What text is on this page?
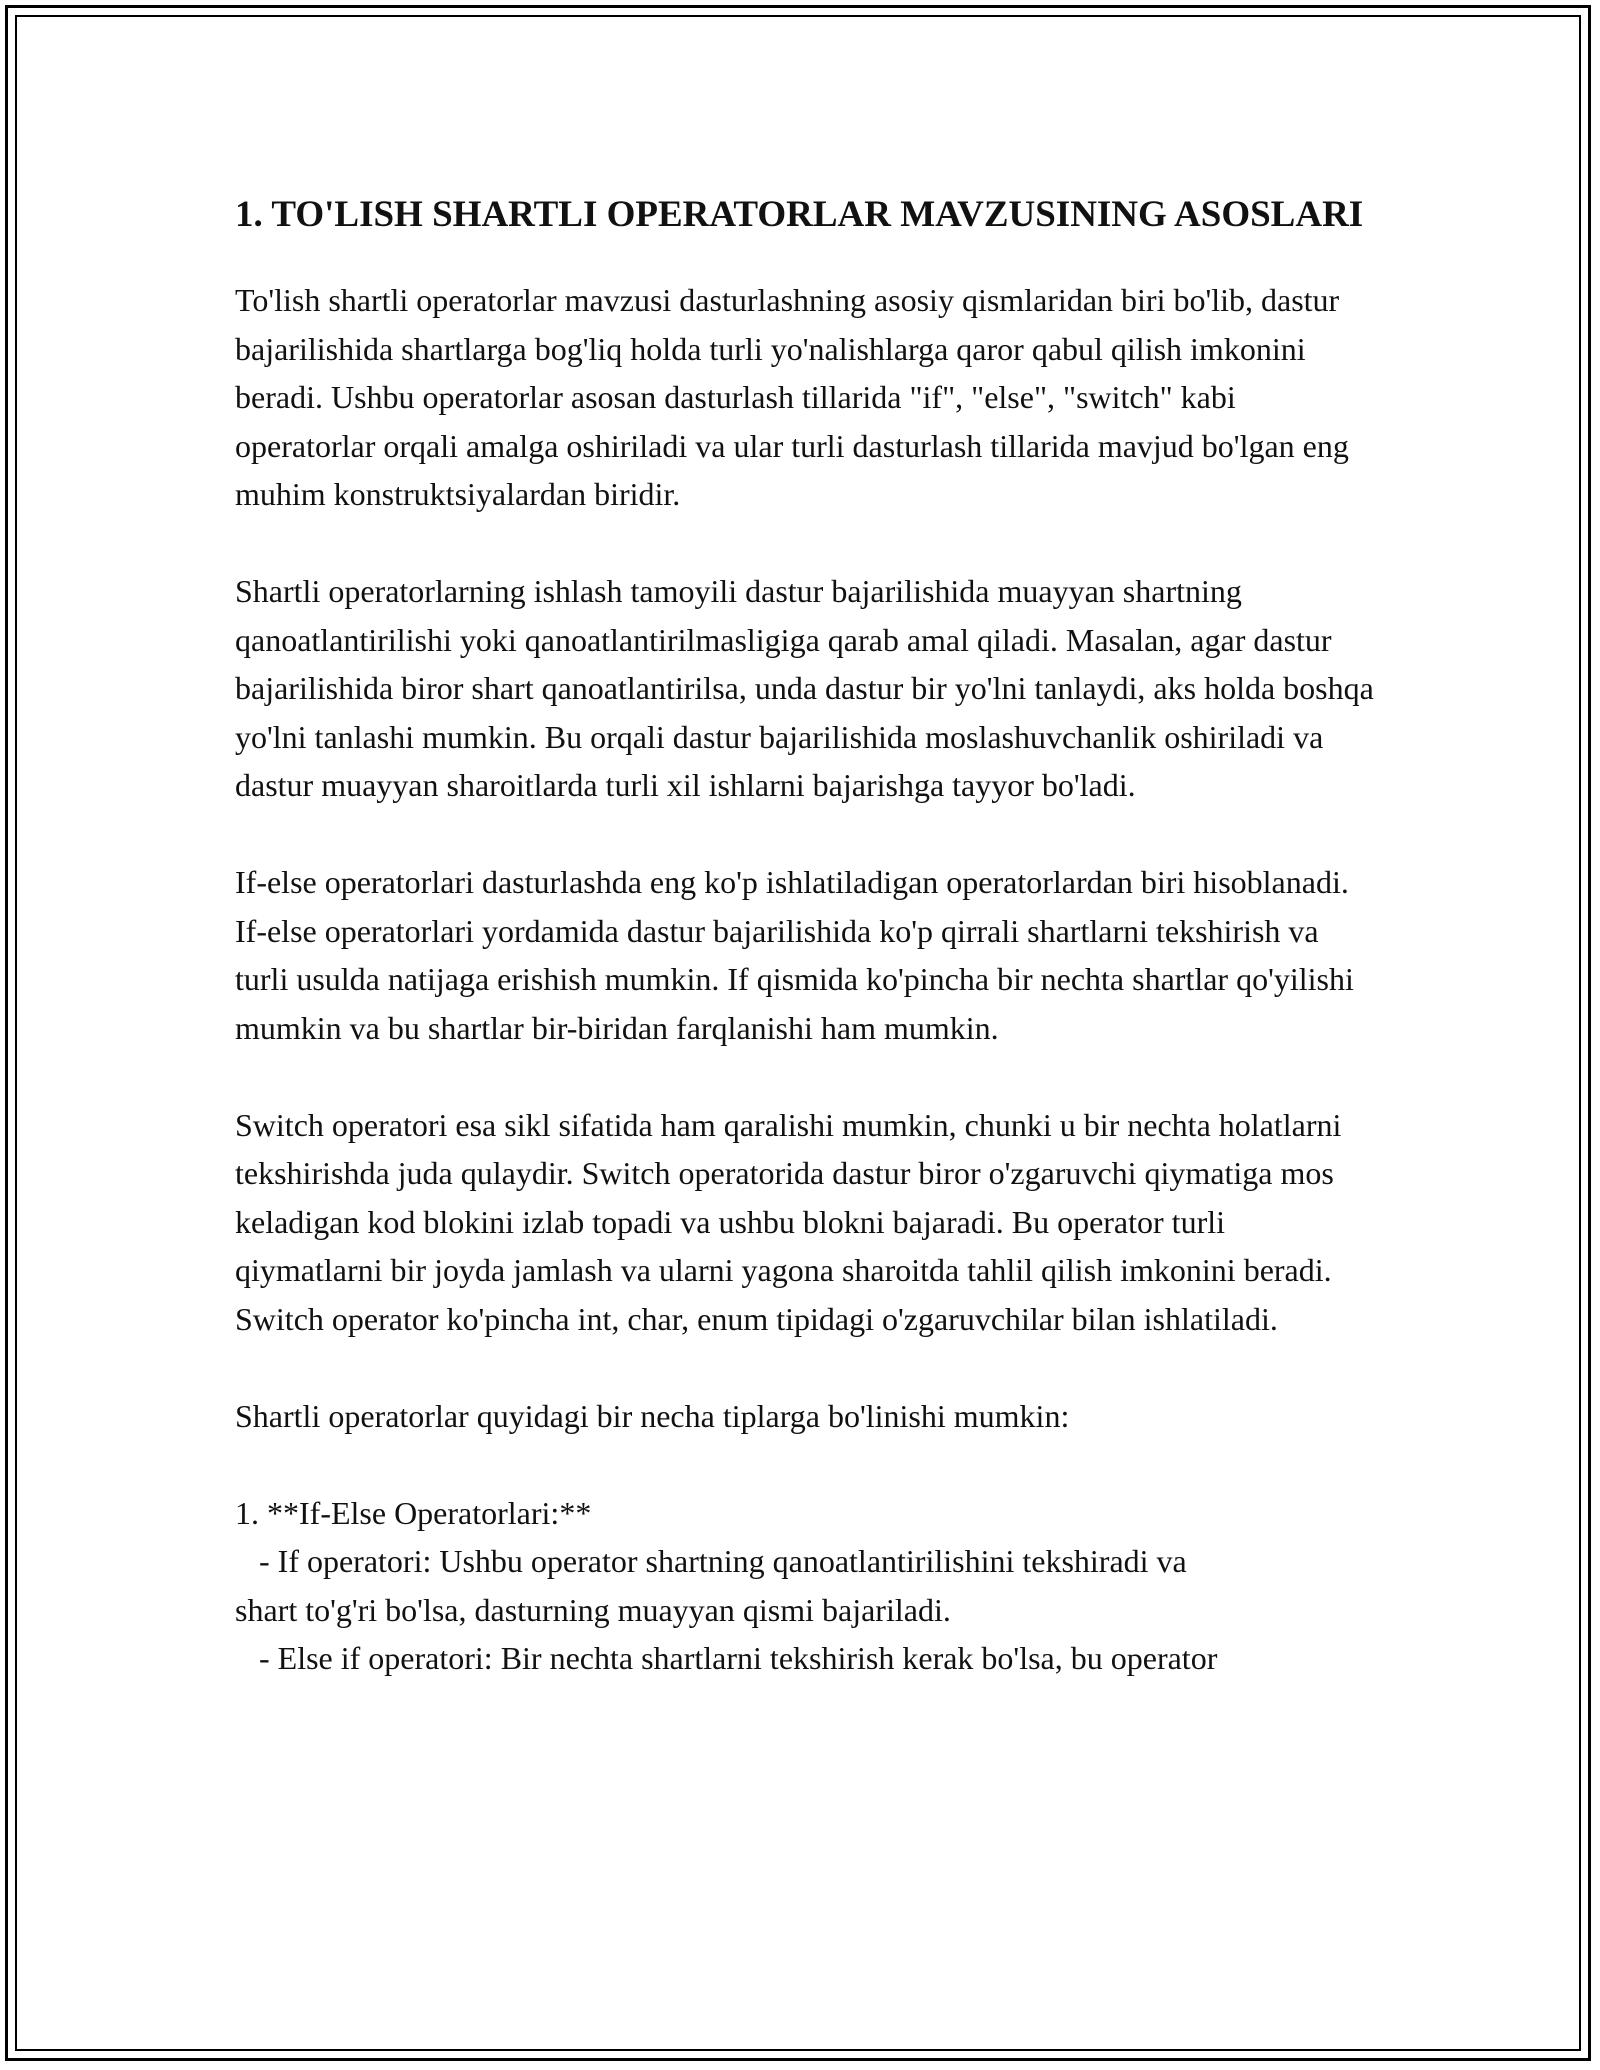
1. TO'LISH SHARTLI OPERATORLAR MAVZUSINING ASOSLARI

To'lish shartli operatorlar mavzusi dasturlashning asosiy qismlaridan biri bo'lib, dastur bajarilishida shartlarga bog'liq holda turli yo'nalishlarga qaror qabul qilish imkonini beradi. Ushbu operatorlar asosan dasturlash tillarida "if", "else", "switch" kabi operatorlar orqali amalga oshiriladi va ular turli dasturlash tillarida mavjud bo'lgan eng muhim konstruktsiyalardan biridir.

Shartli operatorlarning ishlash tamoyili dastur bajarilishida muayyan shartning qanoatlantirilishi yoki qanoatlantirilmasligiga qarab amal qiladi. Masalan, agar dastur bajarilishida biror shart qanoatlantirilsa, unda dastur bir yo'lni tanlaydi, aks holda boshqa yo'lni tanlashi mumkin. Bu orqali dastur bajarilishida moslashuvchanlik oshiriladi va dastur muayyan sharoitlarda turli xil ishlarni bajarishga tayyor bo'ladi.

If-else operatorlari dasturlashda eng ko'p ishlatiladigan operatorlardan biri hisoblanadi. If-else operatorlari yordamida dastur bajarilishida ko'p qirrali shartlarni tekshirish va turli usulda natijaga erishish mumkin. If qismida ko'pincha bir nechta shartlar qo'yilishi mumkin va bu shartlar bir-biridan farqlanishi ham mumkin.

Switch operatori esa sikl sifatida ham qaralishi mumkin, chunki u bir nechta holatlarni tekshirishda juda qulaydir. Switch operatorida dastur biror o'zgaruvchi qiymatiga mos keladigan kod blokini izlab topadi va ushbu blokni bajaradi. Bu operator turli qiymatlarni bir joyda jamlash va ularni yagona sharoitda tahlil qilish imkonini beradi. Switch operator ko'pincha int, char, enum tipidagi o'zgaruvchilar bilan ishlatiladi.

Shartli operatorlar quyidagi bir necha tiplarga bo'linishi mumkin:

1. **If-Else Operatorlari:**
- If operatori: Ushbu operator shartning qanoatlantirilishini tekshiradi va
shart to'g'ri bo'lsa, dasturning muayyan qismi bajariladi.
- Else if operatori: Bir nechta shartlarni tekshirish kerak bo'lsa, bu operator
